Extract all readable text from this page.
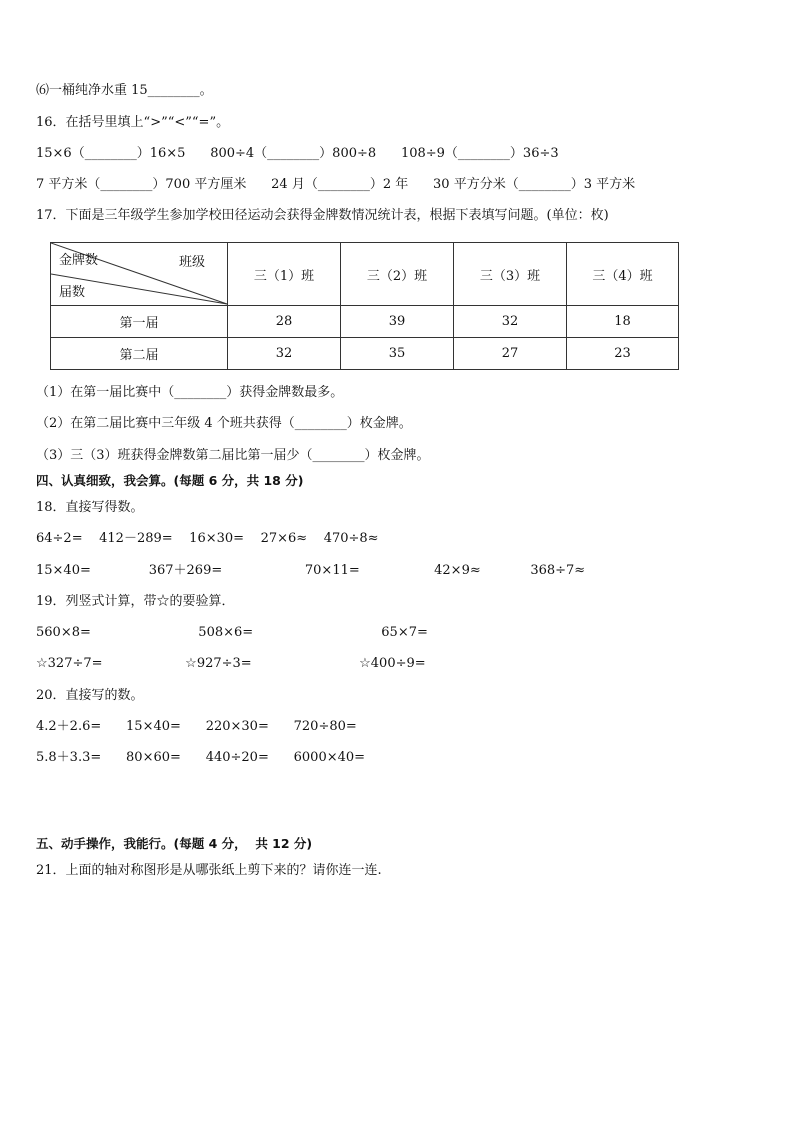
⑹一桶纯净水重 15________。
16．在括号里填上“>”“<”“=”。
15×6（________）16×5      800÷4（________）800÷8      108÷9（________）36÷3
7 平方米（________）700 平方厘米      24 月（________）2 年      30 平方分米（________）3 平方米
17．下面是三年级学生参加学校田径运动会获得金牌数情况统计表，根据下表填写问题。(单位：枚)
班级
金牌数
届数	三（1）班	三（2）班	三（3）班	三（4）班
第一届	28	39	32	18
第二届	32	35	27	23
（1）在第一届比赛中（________）获得金牌数最多。
（2）在第二届比赛中三年级 4 个班共获得（________）枚金牌。
（3）三（3）班获得金牌数第二届比第一届少（________）枚金牌。
四、认真细致，我会算。(每题 6 分，共 18 分)
18．直接写得数。
64÷2=    412－289=    16×30=    27×6≈    470÷8≈
15×40=              367＋269=                    70×11=                  42×9≈            368÷7≈
19．列竖式计算，带☆的要验算．
560×8=                          508×6=                               65×7=
☆327÷7=                    ☆927÷3=                          ☆400÷9=
20．直接写的数。
4.2＋2.6=      15×40=      220×30=      720÷80=
5.8＋3.3=      80×60=      440÷20=      6000×40=
五、动手操作，我能行。(每题 4 分，  共 12 分)
21．上面的轴对称图形是从哪张纸上剪下来的？请你连一连.
